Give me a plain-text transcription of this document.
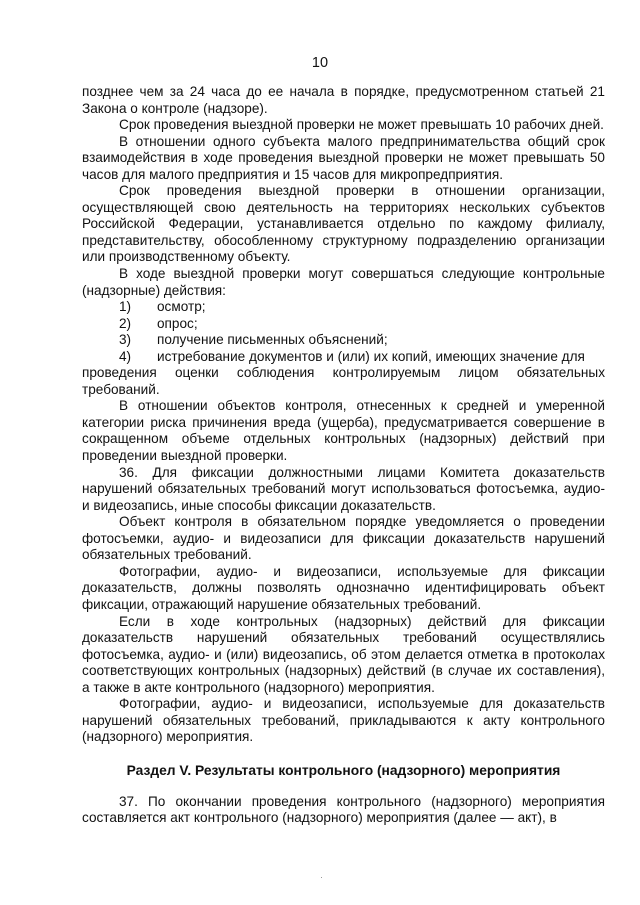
10

позднее чем за 24 часа до ее начала в порядке, предусмотренном статьей 21 Закона о контроле (надзоре).

Срок проведения выездной проверки не может превышать 10 рабочих дней.

В отношении одного субъекта малого предпринимательства общий срок взаимодействия в ходе проведения выездной проверки не может превышать 50 часов для малого предприятия и 15 часов для микропредприятия.

Срок проведения выездной проверки в отношении организации, осуществляющей свою деятельность на территориях нескольких субъектов Российской Федерации, устанавливается отдельно по каждому филиалу, представительству, обособленному структурному подразделению организации или производственному объекту.

В ходе выездной проверки могут совершаться следующие контрольные (надзорные) действия:

1)	осмотр;
2)	опрос;
3)	получение письменных объяснений;
4)	истребование документов и (или) их копий, имеющих значение для

проведения оценки соблюдения контролируемым лицом обязательных требований.

В отношении объектов контроля, отнесенных к средней и умеренной категории риска причинения вреда (ущерба), предусматривается совершение в сокращенном объеме отдельных контрольных (надзорных) действий при проведении выездной проверки.

36. Для фиксации должностными лицами Комитета доказательств нарушений обязательных требований могут использоваться фотосъемка, аудио- и видеозапись, иные способы фиксации доказательств.

Объект контроля в обязательном порядке уведомляется о проведении фотосъемки, аудио- и видеозаписи для фиксации доказательств нарушений обязательных требований.

Фотографии, аудио- и видеозаписи, используемые для фиксации доказательств, должны позволять однозначно идентифицировать объект фиксации, отражающий нарушение обязательных требований.

Если в ходе контрольных (надзорных) действий для фиксации доказательств нарушений обязательных требований осуществлялись фотосъемка, аудио- и (или) видеозапись, об этом делается отметка в протоколах соответствующих контрольных (надзорных) действий (в случае их составления), а также в акте контрольного (надзорного) мероприятия.

Фотографии, аудио- и видеозаписи, используемые для доказательств нарушений обязательных требований, прикладываются к акту контрольного (надзорного) мероприятия.

Раздел V. Результаты контрольного (надзорного) мероприятия

37. По окончании проведения контрольного (надзорного) мероприятия составляется акт контрольного (надзорного) мероприятия (далее — акт), в
